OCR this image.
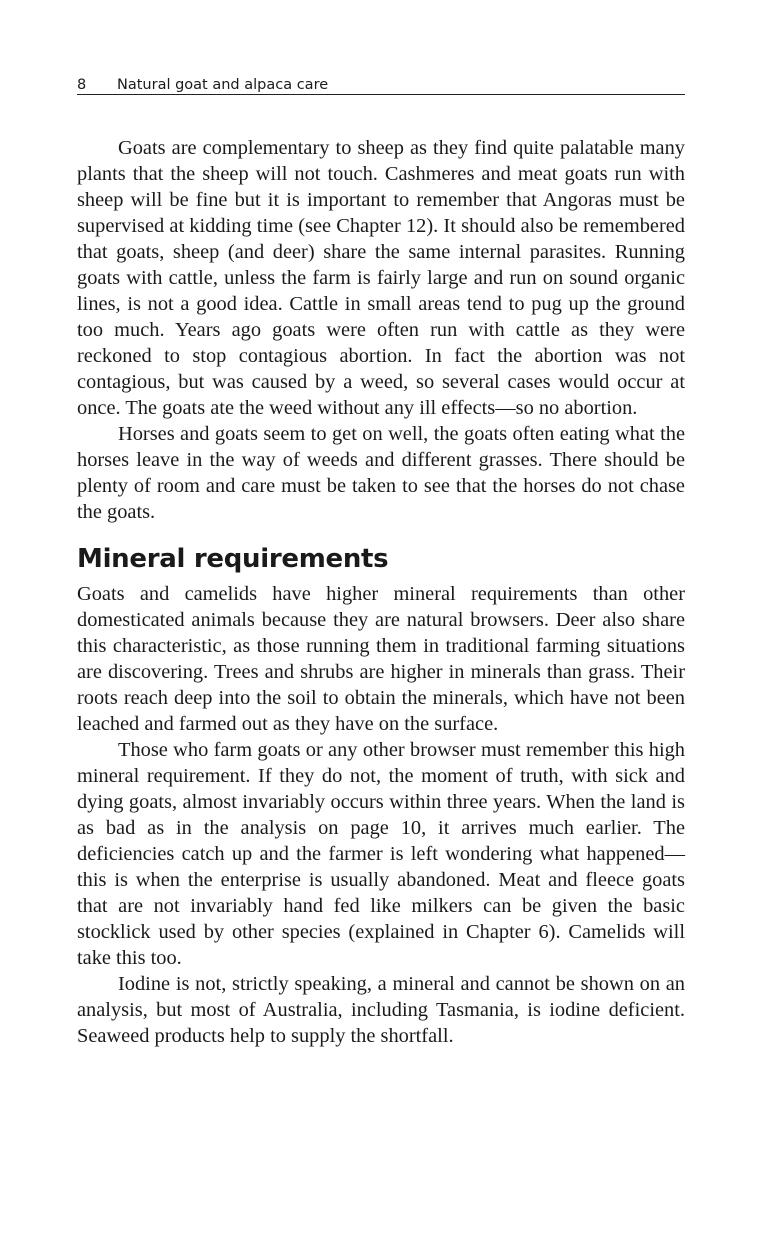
8 Natural goat and alpaca care

Goats are complementary to sheep as they find quite palatable many plants that the sheep will not touch. Cashmeres and meat goats run with sheep will be fine but it is important to remember that Angoras must be supervised at kidding time (see Chapter 12). It should also be remembered that goats, sheep (and deer) share the same internal parasites. Running goats with cattle, unless the farm is fairly large and run on sound organic lines, is not a good idea. Cattle in small areas tend to pug up the ground too much. Years ago goats were often run with cattle as they were reckoned to stop contagious abortion. In fact the abortion was not contagious, but was caused by a weed, so several cases would occur at once. The goats ate the weed without any ill effects—so no abortion.

Horses and goats seem to get on well, the goats often eating what the horses leave in the way of weeds and different grasses. There should be plenty of room and care must be taken to see that the horses do not chase the goats.

Mineral requirements

Goats and camelids have higher mineral requirements than other domesticated animals because they are natural browsers. Deer also share this characteristic, as those running them in traditional farming situations are discovering. Trees and shrubs are higher in minerals than grass. Their roots reach deep into the soil to obtain the minerals, which have not been leached and farmed out as they have on the surface.

Those who farm goats or any other browser must remember this high mineral requirement. If they do not, the moment of truth, with sick and dying goats, almost invariably occurs within three years. When the land is as bad as in the analysis on page 10, it arrives much earlier. The deficiencies catch up and the farmer is left wondering what happened—this is when the enterprise is usually abandoned. Meat and fleece goats that are not invariably hand fed like milkers can be given the basic stocklick used by other species (explained in Chapter 6). Camelids will take this too.

Iodine is not, strictly speaking, a mineral and cannot be shown on an analysis, but most of Australia, including Tasmania, is iodine deficient. Seaweed products help to supply the shortfall.
